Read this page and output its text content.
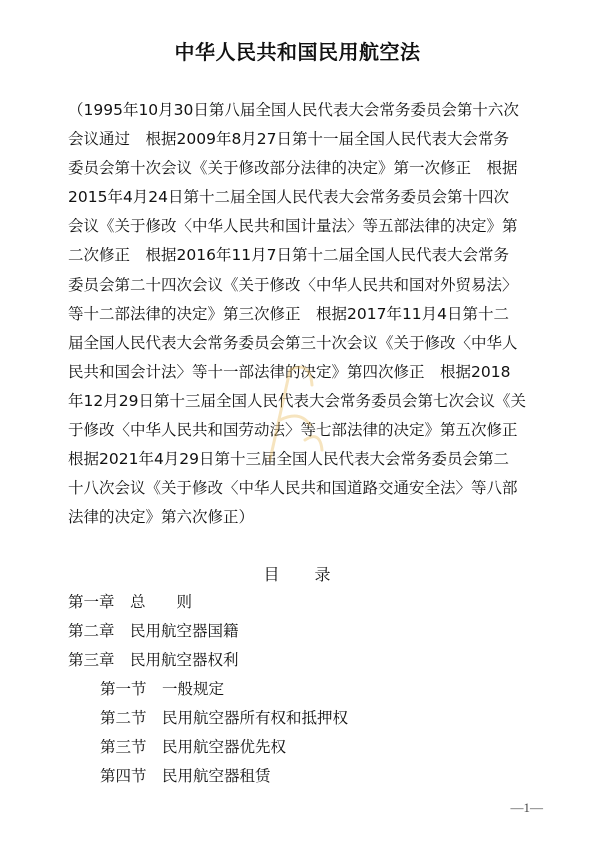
中华人民共和国民用航空法
（1995年10月30日第八届全国人民代表大会常务委员会第十六次
会议通过　根据2009年8月27日第十一届全国人民代表大会常务
委员会第十次会议《关于修改部分法律的决定》第一次修正　根据
2015年4月24日第十二届全国人民代表大会常务委员会第十四次
会议《关于修改〈中华人民共和国计量法〉等五部法律的决定》第
二次修正　根据2016年11月7日第十二届全国人民代表大会常务
委员会第二十四次会议《关于修改〈中华人民共和国对外贸易法〉
等十二部法律的决定》第三次修正　根据2017年11月4日第十二
届全国人民代表大会常务委员会第三十次会议《关于修改〈中华人
民共和国会计法〉等十一部法律的决定》第四次修正　根据2018
年12月29日第十三届全国人民代表大会常务委员会第七次会议《关
于修改〈中华人民共和国劳动法〉等七部法律的决定》第五次修正
根据2021年4月29日第十三届全国人民代表大会常务委员会第二
十八次会议《关于修改〈中华人民共和国道路交通安全法〉等八部
法律的决定》第六次修正）
目　　录
第一章　总　　则
第二章　民用航空器国籍
第三章　民用航空器权利
第一节　一般规定
第二节　民用航空器所有权和抵押权
第三节　民用航空器优先权
第四节　民用航空器租赁
—1—
